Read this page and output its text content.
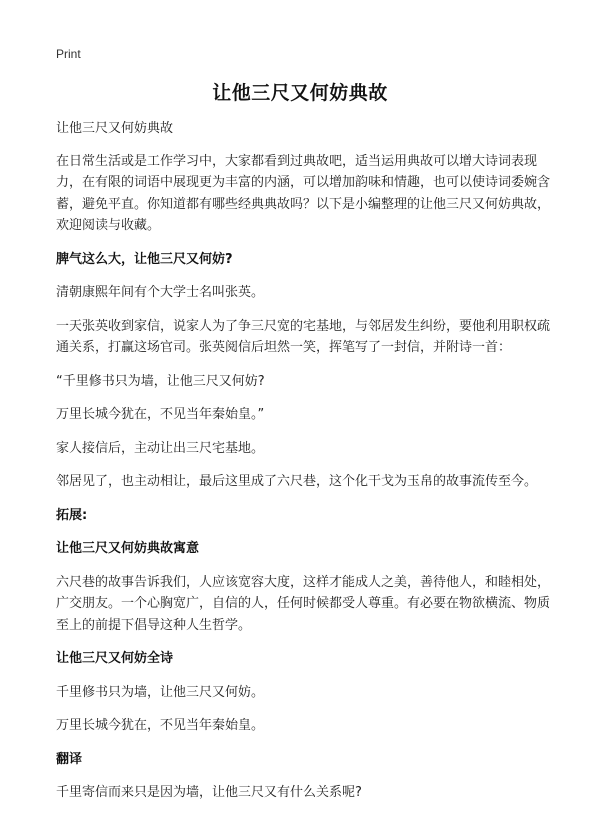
Print
让他三尺又何妨典故

让他三尺又何妨典故

在日常生活或是工作学习中，大家都看到过典故吧，适当运用典故可以增大诗词表现力，在有限的词语中展现更为丰富的内涵，可以增加韵味和情趣，也可以使诗词委婉含蓄，避免平直。你知道都有哪些经典典故吗？以下是小编整理的让他三尺又何妨典故，欢迎阅读与收藏。

脾气这么大，让他三尺又何妨?

清朝康熙年间有个大学士名叫张英。

一天张英收到家信，说家人为了争三尺宽的宅基地，与邻居发生纠纷，要他利用职权疏通关系，打赢这场官司。张英阅信后坦然一笑，挥笔写了一封信，并附诗一首：

“千里修书只为墙，让他三尺又何妨?

万里长城今犹在，不见当年秦始皇。”

家人接信后，主动让出三尺宅基地。

邻居见了，也主动相让，最后这里成了六尺巷，这个化干戈为玉帛的故事流传至今。

拓展:
让他三尺又何妨典故寓意

六尺巷的故事告诉我们，人应该宽容大度，这样才能成人之美，善待他人，和睦相处，广交朋友。一个心胸宽广，自信的人，任何时候都受人尊重。有必要在物欲横流、物质至上的前提下倡导这种人生哲学。

让他三尺又何妨全诗

千里修书只为墙，让他三尺又何妨。

万里长城今犹在，不见当年秦始皇。

翻译

千里寄信而来只是因为墙，让他三尺又有什么关系呢?
